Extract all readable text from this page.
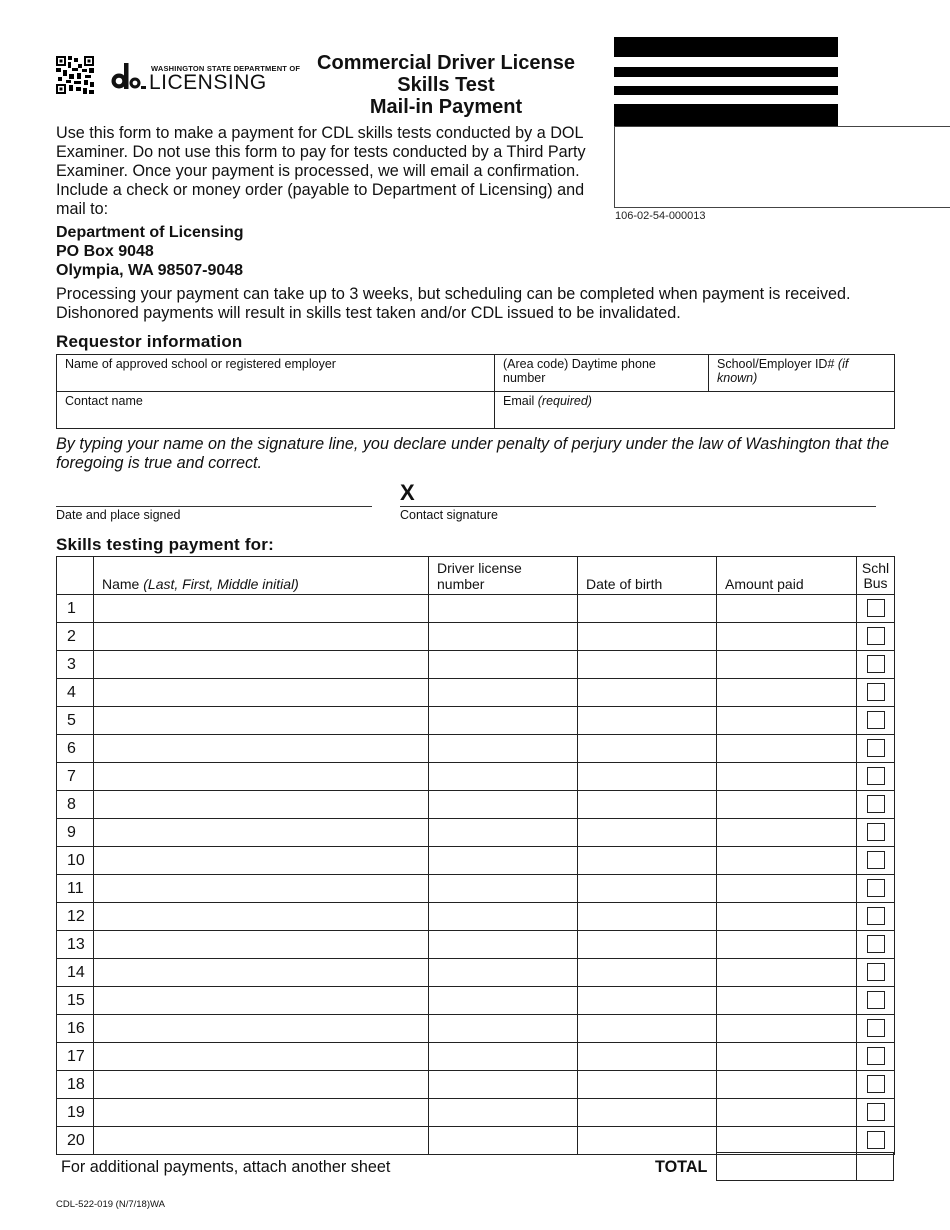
WASHINGTON STATE DEPARTMENT OF
LICENSING
Commercial Driver License
Skills Test
Mail-in Payment
106-02-54-000013
Use this form to make a payment for CDL skills tests conducted by a DOL Examiner. Do not use this form to pay for tests conducted by a Third Party Examiner. Once your payment is processed, we will email a confirmation. Include a check or money order (payable to Department of Licensing) and mail to:
Department of Licensing
PO Box 9048
Olympia, WA 98507-9048
Processing your payment can take up to 3 weeks, but scheduling can be completed when payment is received. Dishonored payments will result in skills test taken and/or CDL issued to be invalidated.
Requestor information
Name of approved school or registered employer	(Area code) Daytime phone number	School/Employer ID# (if known)
Contact name	Email (required)	
By typing your name on the signature line, you declare under penalty of perjury under the law of Washington that the foregoing is true and correct.
Date and place signed
X
Contact signature
Skills testing payment for:
	Name (Last, First, Middle initial)	Driver license number	Date of birth	Amount paid	Schl
Bus

1					
2					
3					
4					
5					
6					
7					
8					
9					
10					
11					
12					
13					
14					
15					
16					
17					
18					
19					
20					
For additional payments, attach another sheet	TOTAL
CDL-522-019 (N/7/18)WA
